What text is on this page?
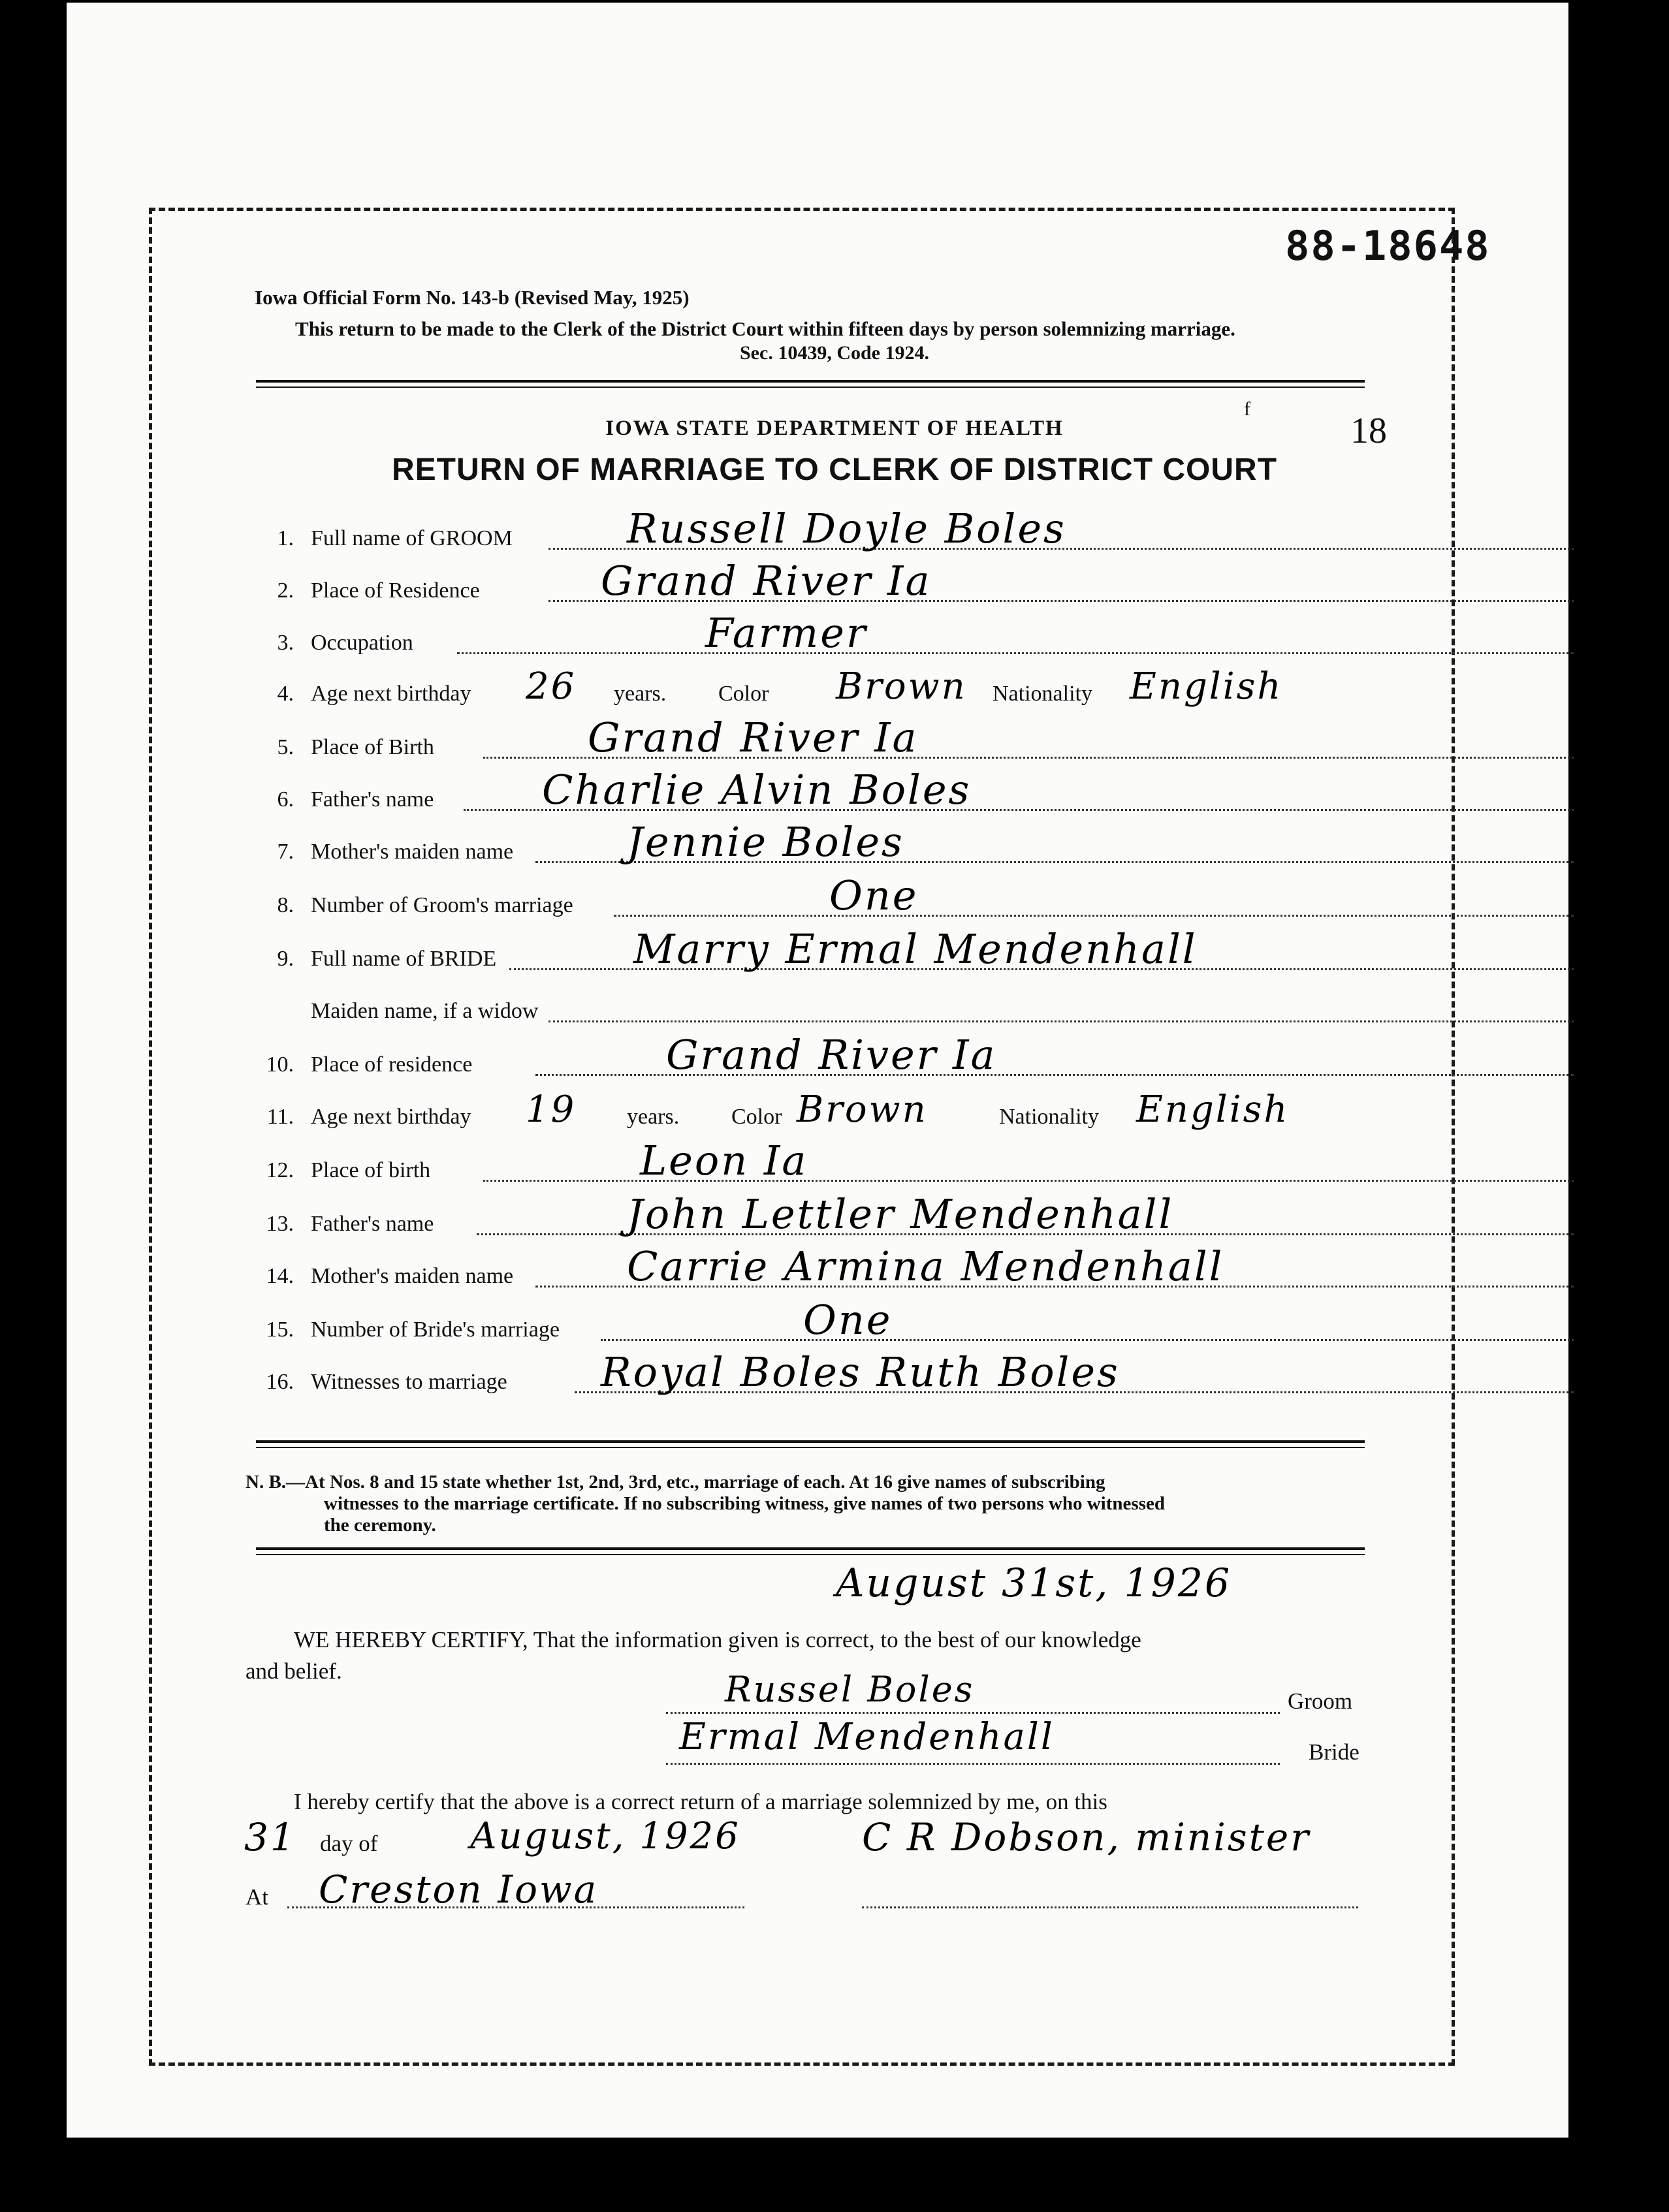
88-18648
Iowa Official Form No. 143-b (Revised May, 1925)
This return to be made to the Clerk of the District Court within fifteen days by person solemnizing marriage.
Sec. 10439, Code 1924.
f
18
IOWA STATE DEPARTMENT OF HEALTH
RETURN OF MARRIAGE TO CLERK OF DISTRICT COURT
1. Full name of GROOM	Russell Doyle Boles
2. Place of Residence	Grand River Ia
3. Occupation	Farmer
4. Age next birthday 26 years. Color Brown Nationality English
5. Place of Birth	Grand River Ia
6. Father's name	Charlie Alvin Boles
7. Mother's maiden name	Jennie Boles
8. Number of Groom's marriage	One
9. Full name of BRIDE	Marry Ermal Mendenhall
Maiden name, if a widow
10. Place of residence	Grand River Ia
11. Age next birthday 19 years. Color Brown	Nationality English
12. Place of birth	Leon Ia
13. Father's name	John Lettler Mendenhall
14. Mother's maiden name	Carrie Armina Mendenhall
15. Number of Bride's marriage	One
16. Witnesses to marriage Royal Boles Ruth Boles
N. B.—At Nos. 8 and 15 state whether 1st, 2nd, 3rd, etc., marriage of each. At 16 give names of subscribing
witnesses to the marriage certificate. If no subscribing witness, give names of two persons who witnessed
the ceremony.
August 31st, 1926
WE HEREBY CERTIFY, That the information given is correct, to the best of our knowledge
and belief.	Russel Boles	Groom
Ermal Mendenhall	Bride
I hereby certify that the above is a correct return of a marriage solemnized by me, on this
31 day of	August, 1926	C R Dobson, minister
At Creston Iowa
